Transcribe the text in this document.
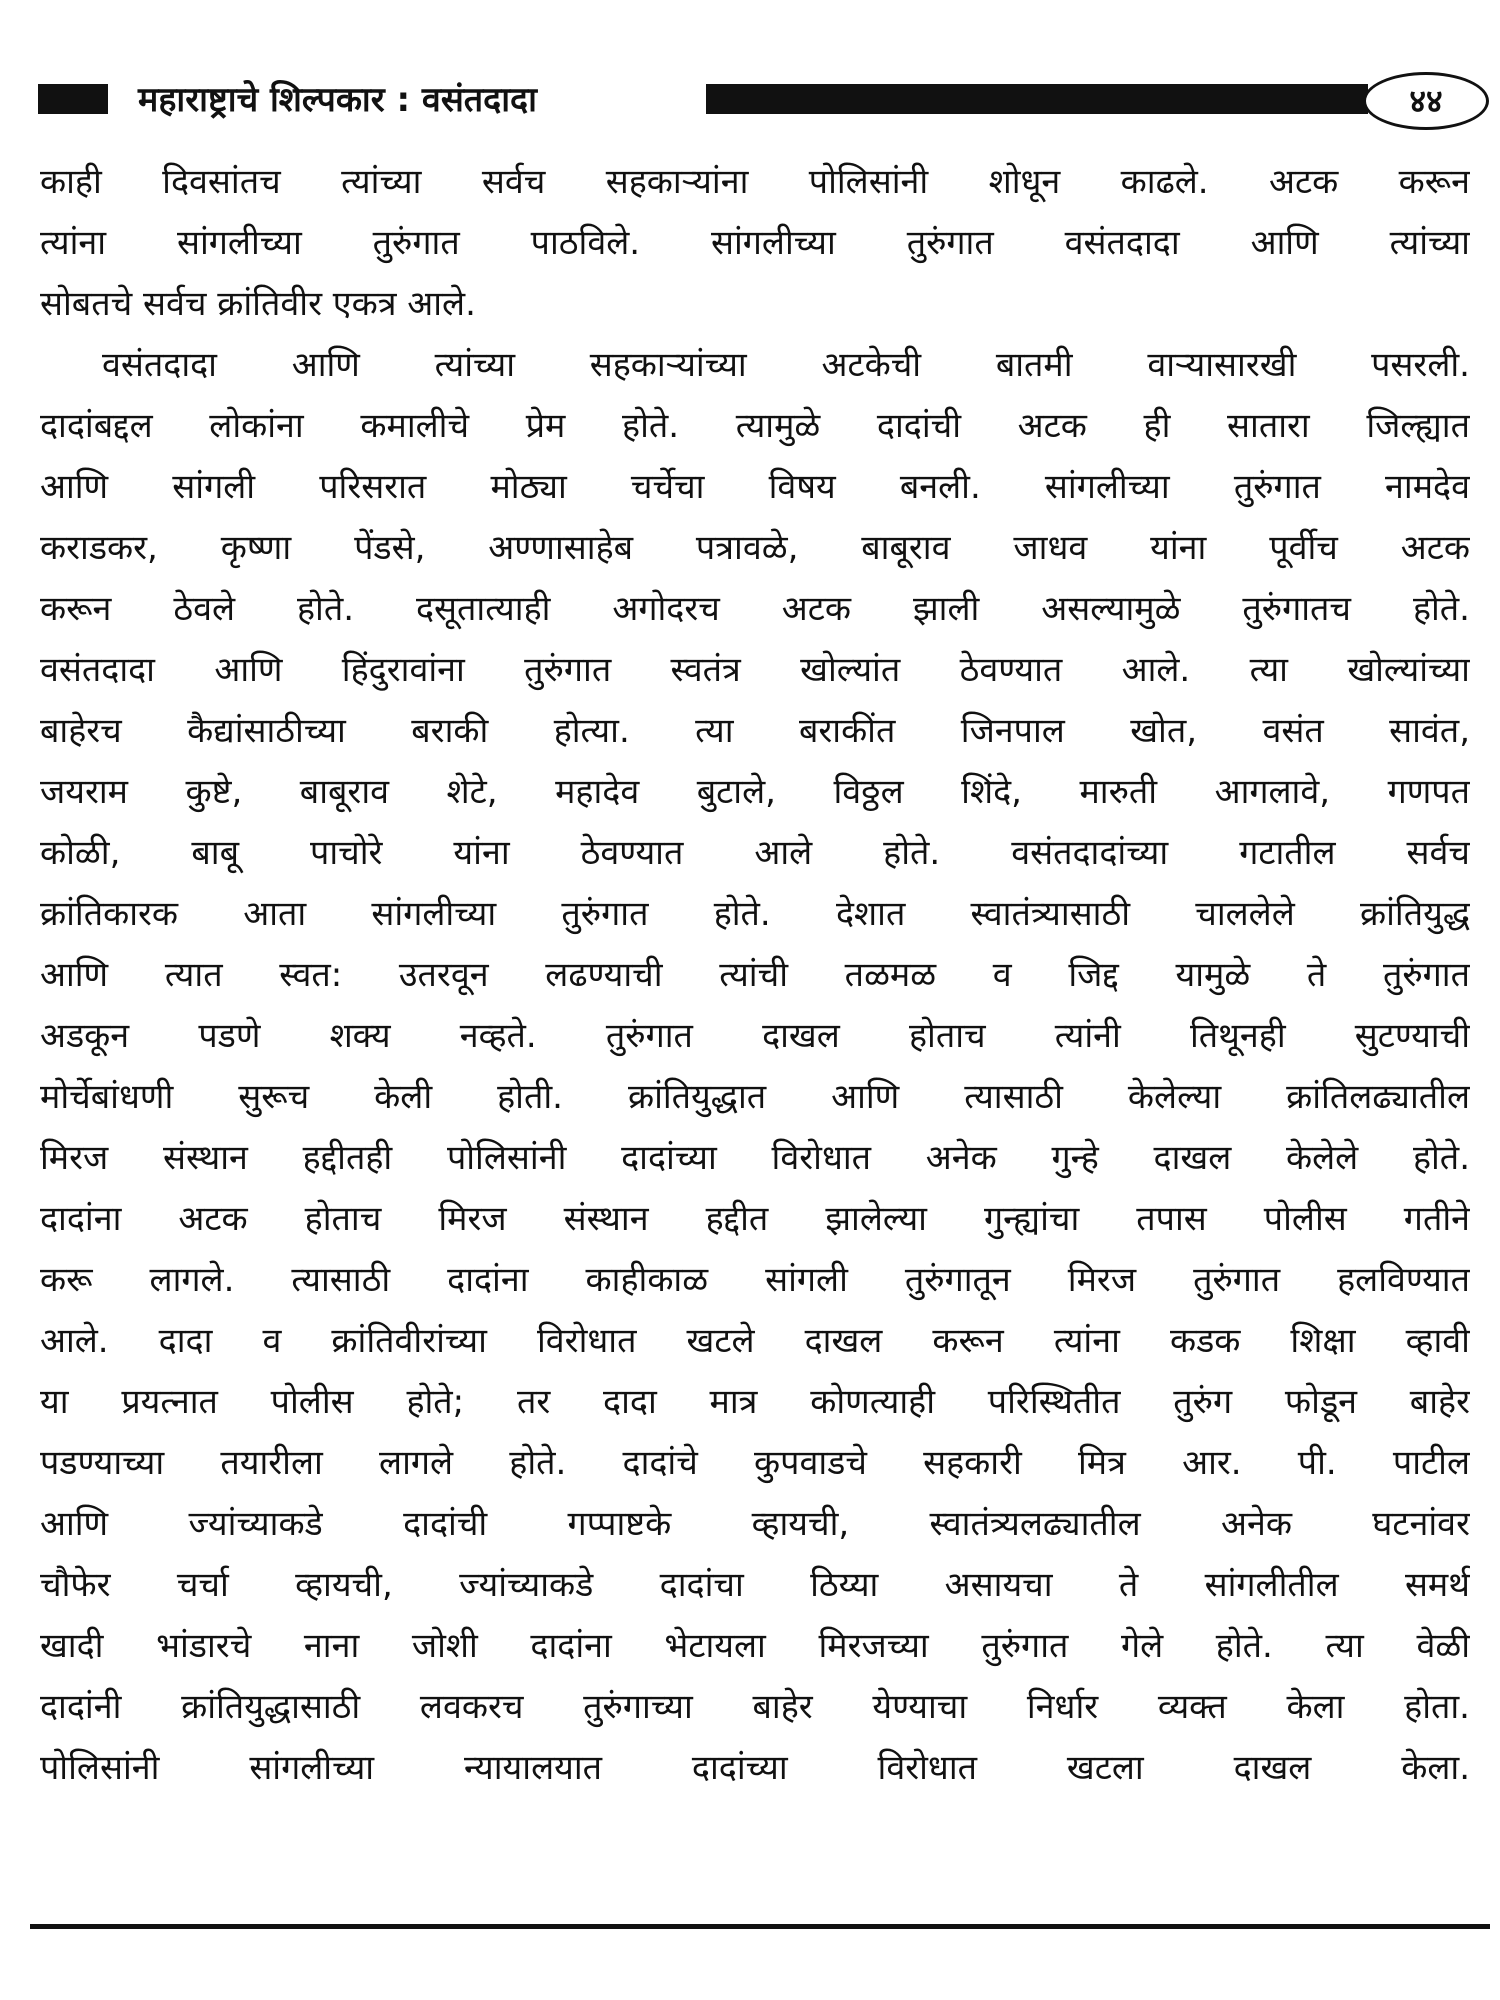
महाराष्ट्राचे शिल्पकार : वसंतदादा	४४
काही दिवसांतच त्यांच्या सर्वच सहकाऱ्यांना पोलिसांनी शोधून काढले. अटक करून
त्यांना सांगलीच्या तुरुंगात पाठविले. सांगलीच्या तुरुंगात वसंतदादा आणि त्यांच्या
सोबतचे सर्वच क्रांतिवीर एकत्र आले.
वसंतदादा आणि त्यांच्या सहकाऱ्यांच्या अटकेची बातमी वाऱ्यासारखी पसरली.
दादांबद्दल लोकांना कमालीचे प्रेम होते. त्यामुळे दादांची अटक ही सातारा जिल्ह्यात
आणि सांगली परिसरात मोठ्या चर्चेचा विषय बनली. सांगलीच्या तुरुंगात नामदेव
कराडकर, कृष्णा पेंडसे, अण्णासाहेब पत्रावळे, बाबूराव जाधव यांना पूर्वीच अटक
करून ठेवले होते. दसूतात्याही अगोदरच अटक झाली असल्यामुळे तुरुंगातच होते.
वसंतदादा आणि हिंदुरावांना तुरुंगात स्वतंत्र खोल्यांत ठेवण्यात आले. त्या खोल्यांच्या
बाहेरच कैद्यांसाठीच्या बराकी होत्या. त्या बराकींत जिनपाल खोत, वसंत सावंत,
जयराम कुष्टे, बाबूराव शेटे, महादेव बुटाले, विठ्ठल शिंदे, मारुती आगलावे, गणपत
कोळी, बाबू पाचोरे यांना ठेवण्यात आले होते. वसंतदादांच्या गटातील सर्वच
क्रांतिकारक आता सांगलीच्या तुरुंगात होते. देशात स्वातंत्र्यासाठी चाललेले क्रांतियुद्ध
आणि त्यात स्वत: उतरवून लढण्याची त्यांची तळमळ व जिद्द यामुळे ते तुरुंगात
अडकून पडणे शक्य नव्हते. तुरुंगात दाखल होताच त्यांनी तिथूनही सुटण्याची
मोर्चेबांधणी सुरूच केली होती. क्रांतियुद्धात आणि त्यासाठी केलेल्या क्रांतिलढ्यातील
मिरज संस्थान हद्दीतही पोलिसांनी दादांच्या विरोधात अनेक गुन्हे दाखल केलेले होते.
दादांना अटक होताच मिरज संस्थान हद्दीत झालेल्या गुन्ह्यांचा तपास पोलीस गतीने
करू लागले. त्यासाठी दादांना काहीकाळ सांगली तुरुंगातून मिरज तुरुंगात हलविण्यात
आले. दादा व क्रांतिवीरांच्या विरोधात खटले दाखल करून त्यांना कडक शिक्षा व्हावी
या प्रयत्नात पोलीस होते; तर दादा मात्र कोणत्याही परिस्थितीत तुरुंग फोडून बाहेर
पडण्याच्या तयारीला लागले होते. दादांचे कुपवाडचे सहकारी मित्र आर. पी. पाटील
आणि ज्यांच्याकडे दादांची गप्पाष्टके व्हायची, स्वातंत्र्यलढ्यातील अनेक घटनांवर
चौफेर चर्चा व्हायची, ज्यांच्याकडे दादांचा ठिय्या असायचा ते सांगलीतील समर्थ
खादी भांडारचे नाना जोशी दादांना भेटायला मिरजच्या तुरुंगात गेले होते. त्या वेळी
दादांनी क्रांतियुद्धासाठी लवकरच तुरुंगाच्या बाहेर येण्याचा निर्धार व्यक्त केला होता.
पोलिसांनी सांगलीच्या न्यायालयात दादांच्या विरोधात खटला दाखल केला.
